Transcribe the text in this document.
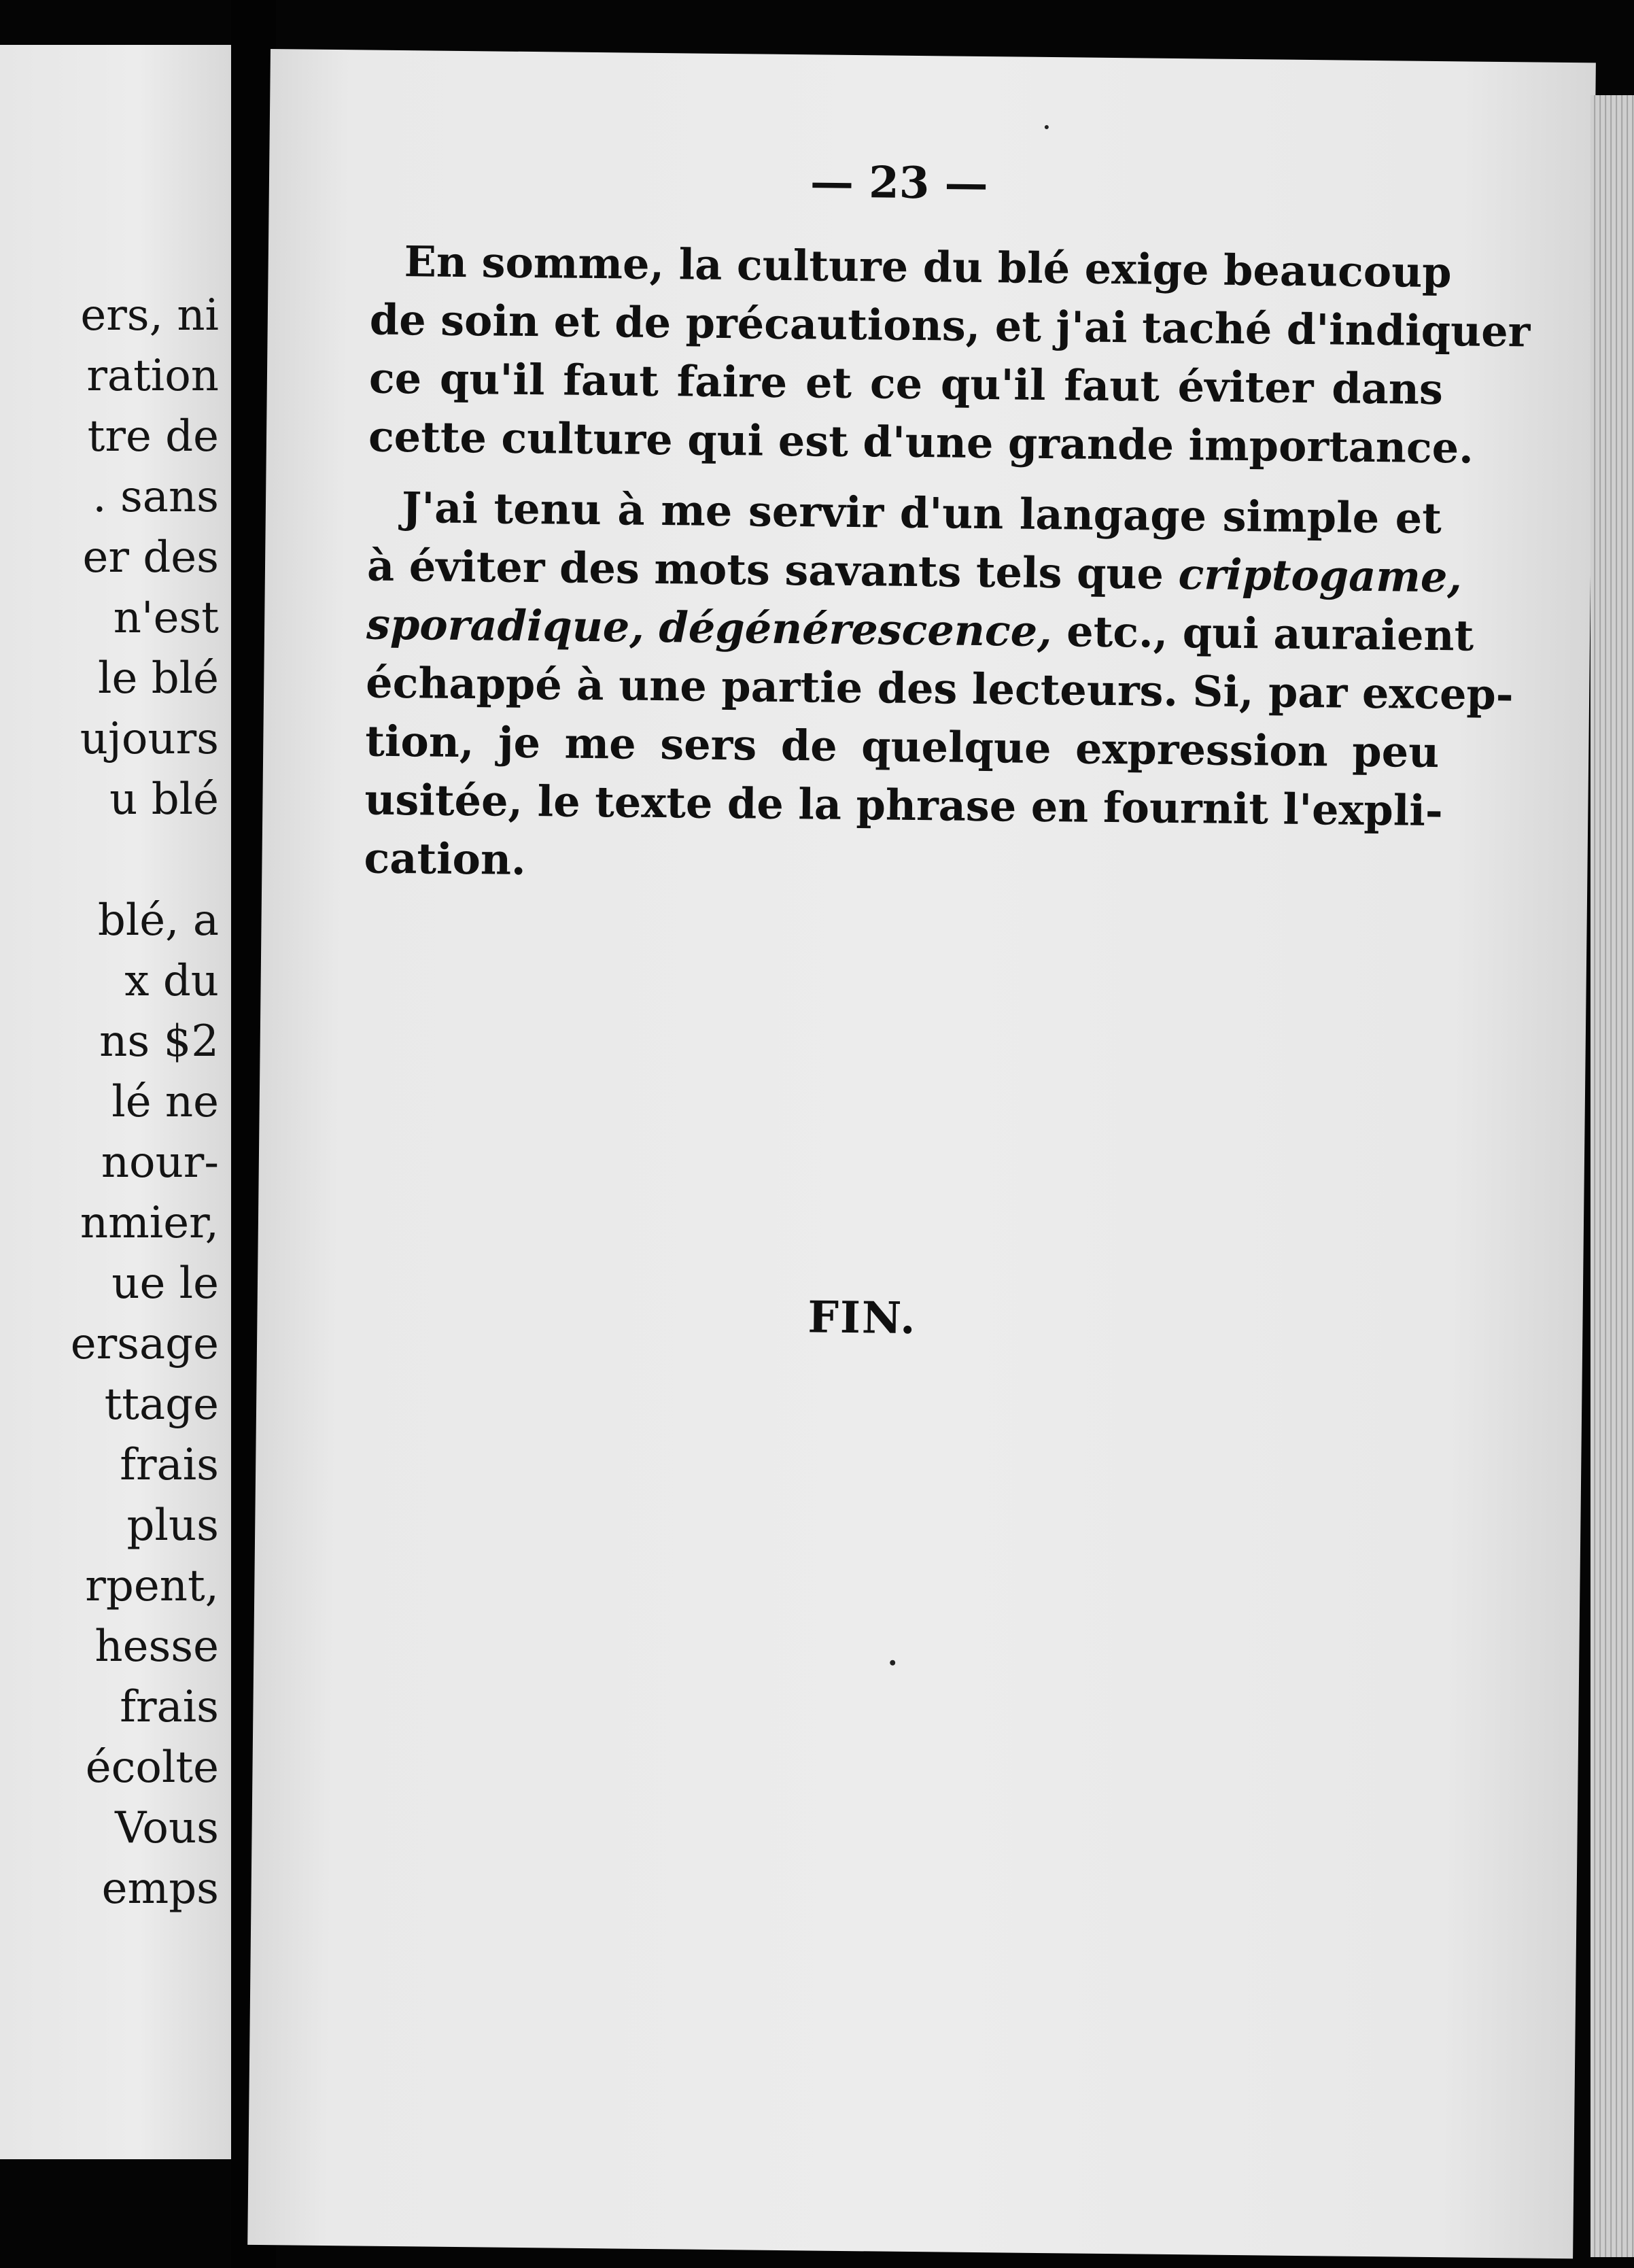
ers, ni
ration
tre de
. sans
er des
n'est
le blé
ujours
u blé
blé, a
x du
ns $2
lé ne
nour-
nmier,
ue le
ersage
ttage
frais
plus
rpent,
hesse
frais
écolte
Vous
emps
— 23 —
En somme, la culture du blé exige beaucoup
de soin et de précautions, et j'ai taché d'indiquer
ce qu'il faut faire et ce qu'il faut éviter dans
cette culture qui est d'une grande importance.
J'ai tenu à me servir d'un langage simple et
à éviter des mots savants tels que criptogame,
sporadique, dégénérescence, etc., qui auraient
échappé à une partie des lecteurs. Si, par excep-
tion, je me sers de quelque expression peu
usitée, le texte de la phrase en fournit l'expli-
cation.
FIN.
